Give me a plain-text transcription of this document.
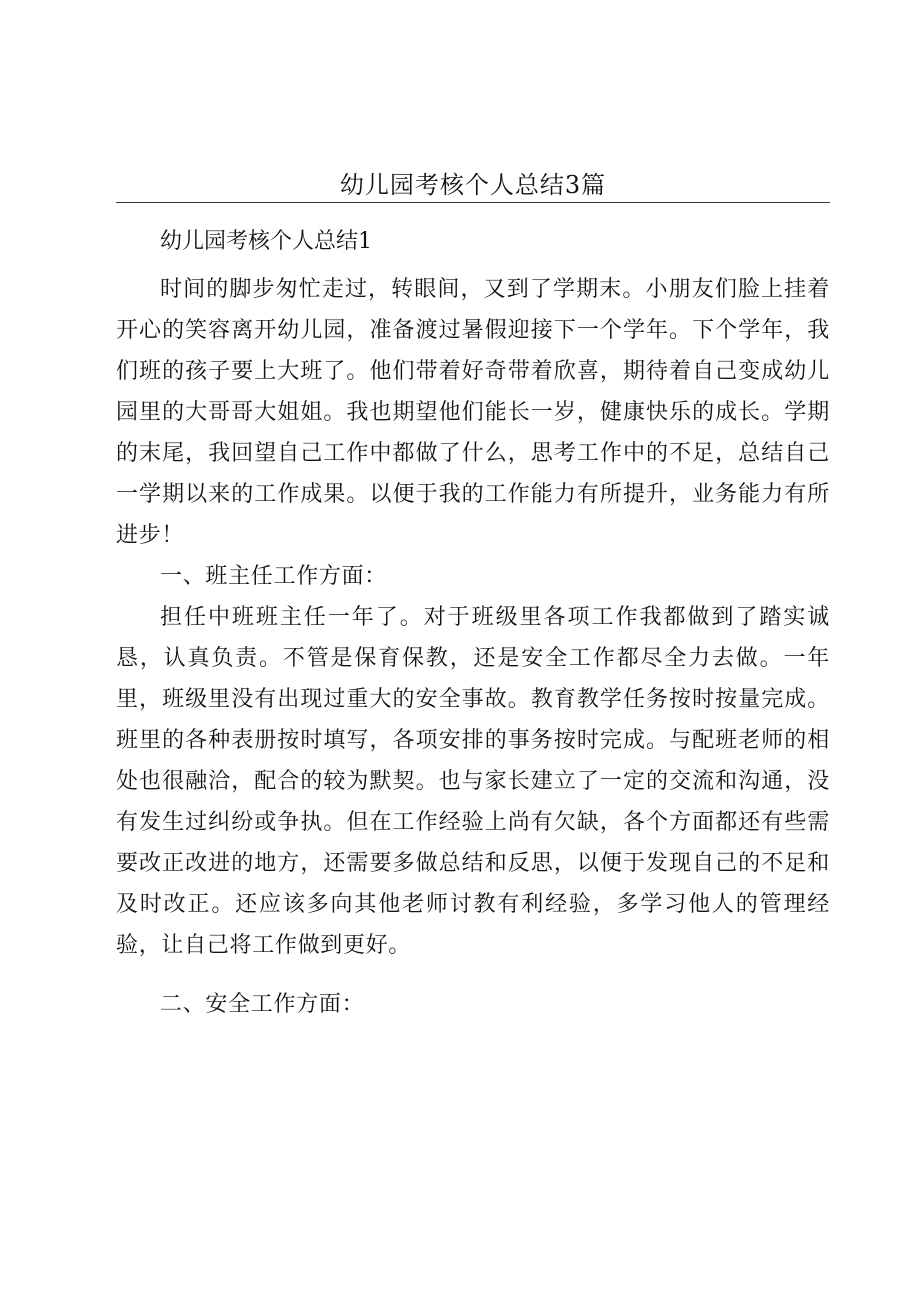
幼儿园考核个人总结3篇

幼儿园考核个人总结1

时间的脚步匆忙走过，转眼间，又到了学期末。小朋友们脸上挂着开心的笑容离开幼儿园，准备渡过暑假迎接下一个学年。下个学年，我们班的孩子要上大班了。他们带着好奇带着欣喜，期待着自己变成幼儿园里的大哥哥大姐姐。我也期望他们能长一岁，健康快乐的成长。学期的末尾，我回望自己工作中都做了什么，思考工作中的不足，总结自己一学期以来的工作成果。以便于我的工作能力有所提升，业务能力有所进步！

一、班主任工作方面：

担任中班班主任一年了。对于班级里各项工作我都做到了踏实诚恳，认真负责。不管是保育保教，还是安全工作都尽全力去做。一年里，班级里没有出现过重大的安全事故。教育教学任务按时按量完成。班里的各种表册按时填写，各项安排的事务按时完成。与配班老师的相处也很融洽，配合的较为默契。也与家长建立了一定的交流和沟通，没有发生过纠纷或争执。但在工作经验上尚有欠缺，各个方面都还有些需要改正改进的地方，还需要多做总结和反思，以便于发现自己的不足和及时改正。还应该多向其他老师讨教有利经验，多学习他人的管理经验，让自己将工作做到更好。

二、安全工作方面：
